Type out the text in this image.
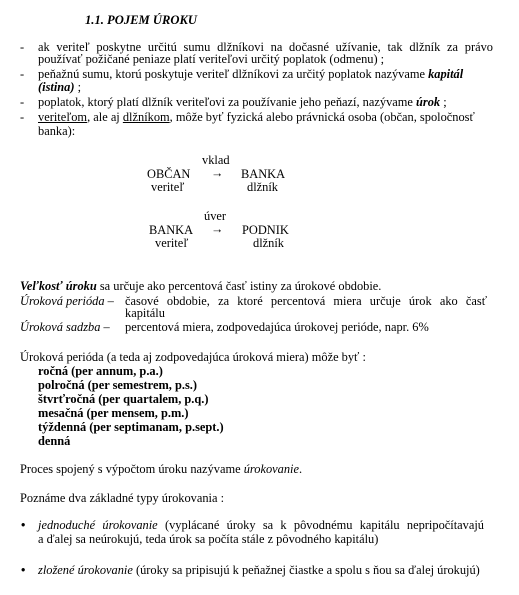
1.1. POJEM ÚROKU
- ak veriteľ poskytne určitú sumu dlžníkovi na dočasné užívanie, tak dlžník za právo
používať požičané peniaze platí veriteľovi určitý poplatok (odmenu) ;
- peňažnú sumu, ktorú poskytuje veriteľ dlžníkovi za určitý poplatok nazývame kapitál
(istina) ;
- poplatok, ktorý platí dlžník veriteľovi za používanie jeho peňazí, nazývame úrok ;
- veriteľom, ale aj dlžníkom, môže byť fyzická alebo právnická osoba (občan, spoločnosť
banka):
vklad
OBČAN → BANKA
veriteľ	dlžník
úver
BANKA → PODNIK
veriteľ	dlžník
Veľkosť úroku sa určuje ako percentová časť istiny za úrokové obdobie.
Úroková perióda – časové obdobie, za ktoré percentová miera určuje úrok ako časť
kapitálu
Úroková sadzba – percentová miera, zodpovedajúca úrokovej perióde, napr. 6%
Úroková perióda (a teda aj zodpovedajúca úroková miera) môže byť :
ročná (per annum, p.a.)
polročná (per semestrem, p.s.)
štvrťročná (per quartalem, p.q.)
mesačná (per mensem, p.m.)
týždenná (per septimanam, p.sept.)
denná
Proces spojený s výpočtom úroku nazývame úrokovanie.
Poznáme dva základné typy úrokovania :
• jednoduché úrokovanie (vyplácané úroky sa k pôvodnému kapitálu nepripočítavajú
a ďalej sa neúrokujú, teda úrok sa počíta stále z pôvodného kapitálu)
• zložené úrokovanie (úroky sa pripisujú k peňažnej čiastke a spolu s ňou sa ďalej úrokujú)
